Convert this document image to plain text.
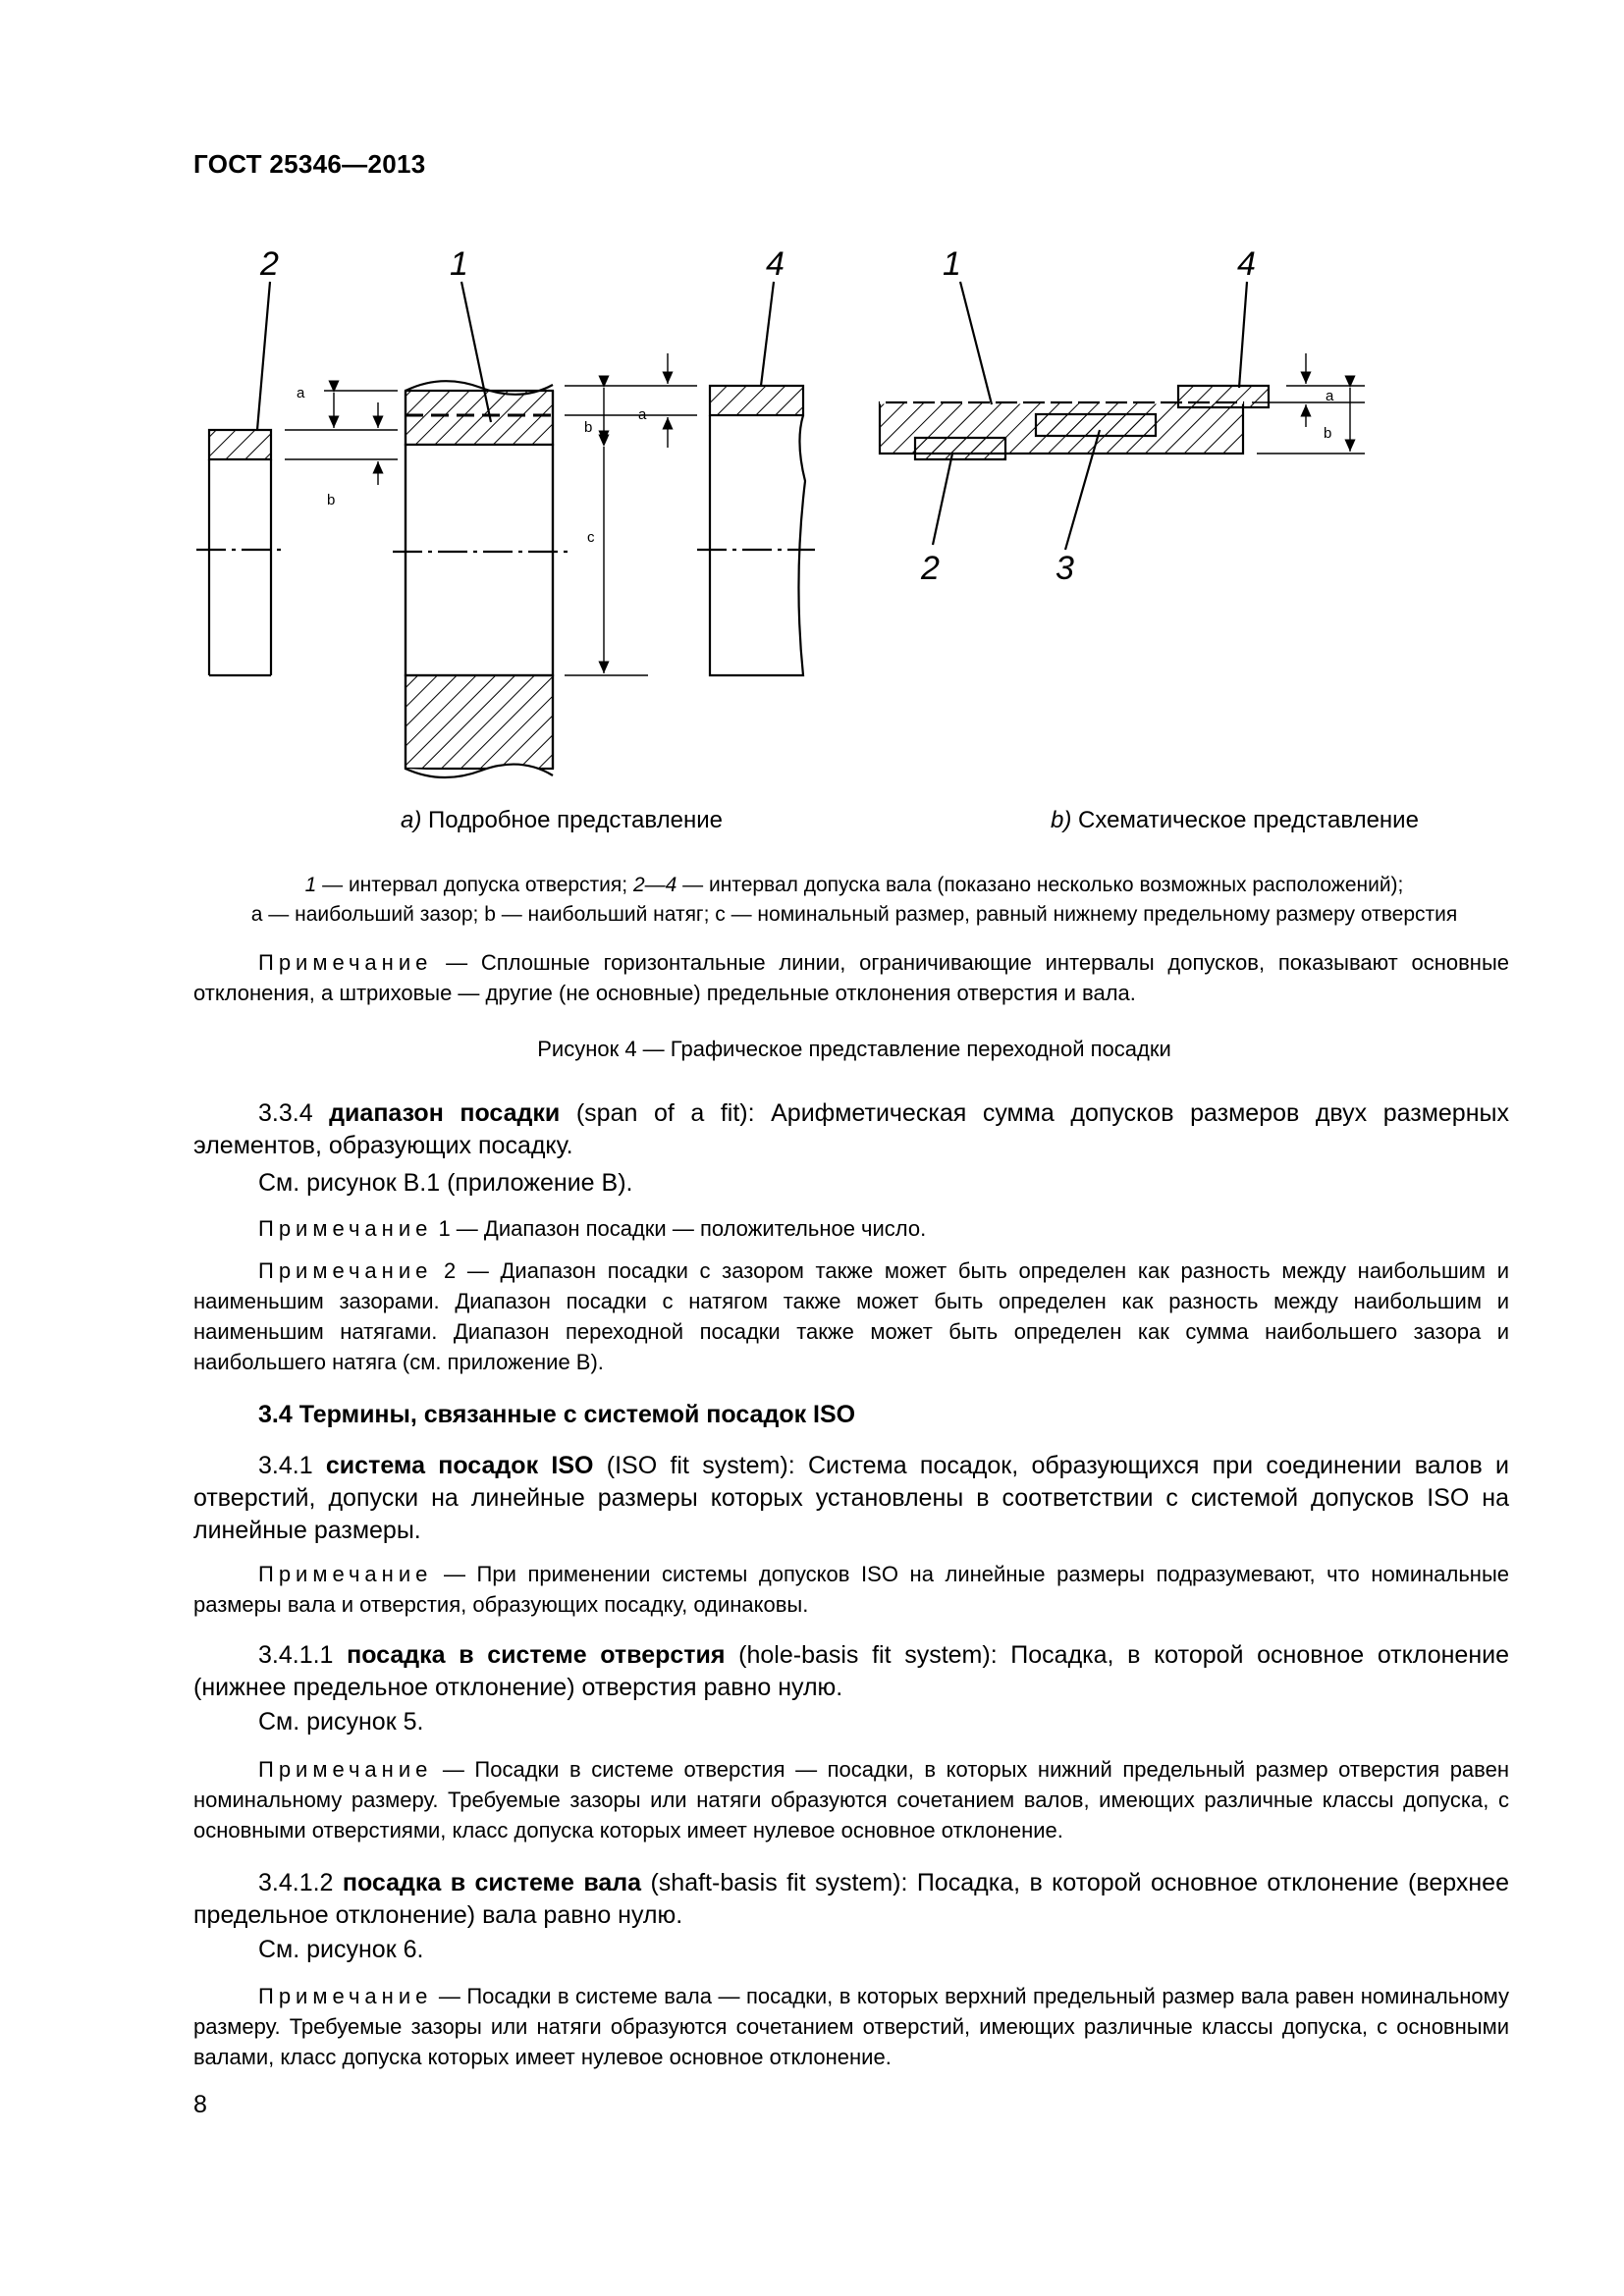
ГОСТ 25346—2013
2	1	4	1	4
2	3
a
b
a
b
c
a
b
a) Подробное представление	b) Схематическое представление
1 — интервал допуска отверстия; 2—4 — интервал допуска вала (показано несколько возможных расположений);
a — наибольший зазор; b — наибольший натяг; c — номинальный размер, равный нижнему предельному размеру отверстия
Примечание — Сплошные горизонтальные линии, ограничивающие интервалы допусков, показывают основные отклонения, а штриховые — другие (не основные) предельные отклонения отверстия и вала.
Рисунок 4 — Графическое представление переходной посадки
3.3.4 диапазон посадки (span of a fit): Арифметическая сумма допусков размеров двух размерных элементов, образующих посадку.
См. рисунок B.1 (приложение B).
Примечание 1 — Диапазон посадки — положительное число.
Примечание 2 — Диапазон посадки с зазором также может быть определен как разность между наибольшим и наименьшим зазорами. Диапазон посадки с натягом также может быть определен как разность между наибольшим и наименьшим натягами. Диапазон переходной посадки также может быть определен как сумма наибольшего зазора и наибольшего натяга (см. приложение B).
3.4 Термины, связанные с системой посадок ISO
3.4.1 система посадок ISO (ISO fit system): Система посадок, образующихся при соединении валов и отверстий, допуски на линейные размеры которых установлены в соответствии с системой допусков ISO на линейные размеры.
Примечание — При применении системы допусков ISO на линейные размеры подразумевают, что номинальные размеры вала и отверстия, образующих посадку, одинаковы.
3.4.1.1 посадка в системе отверстия (hole-basis fit system): Посадка, в которой основное отклонение (нижнее предельное отклонение) отверстия равно нулю.
См. рисунок 5.
Примечание — Посадки в системе отверстия — посадки, в которых нижний предельный размер отверстия равен номинальному размеру. Требуемые зазоры или натяги образуются сочетанием валов, имеющих различные классы допуска, с основными отверстиями, класс допуска которых имеет нулевое основное отклонение.
3.4.1.2 посадка в системе вала (shaft-basis fit system): Посадка, в которой основное отклонение (верхнее предельное отклонение) вала равно нулю.
См. рисунок 6.
Примечание — Посадки в системе вала — посадки, в которых верхний предельный размер вала равен номинальному размеру. Требуемые зазоры или натяги образуются сочетанием отверстий, имеющих различные классы допуска, с основными валами, класс допуска которых имеет нулевое основное отклонение.
8
